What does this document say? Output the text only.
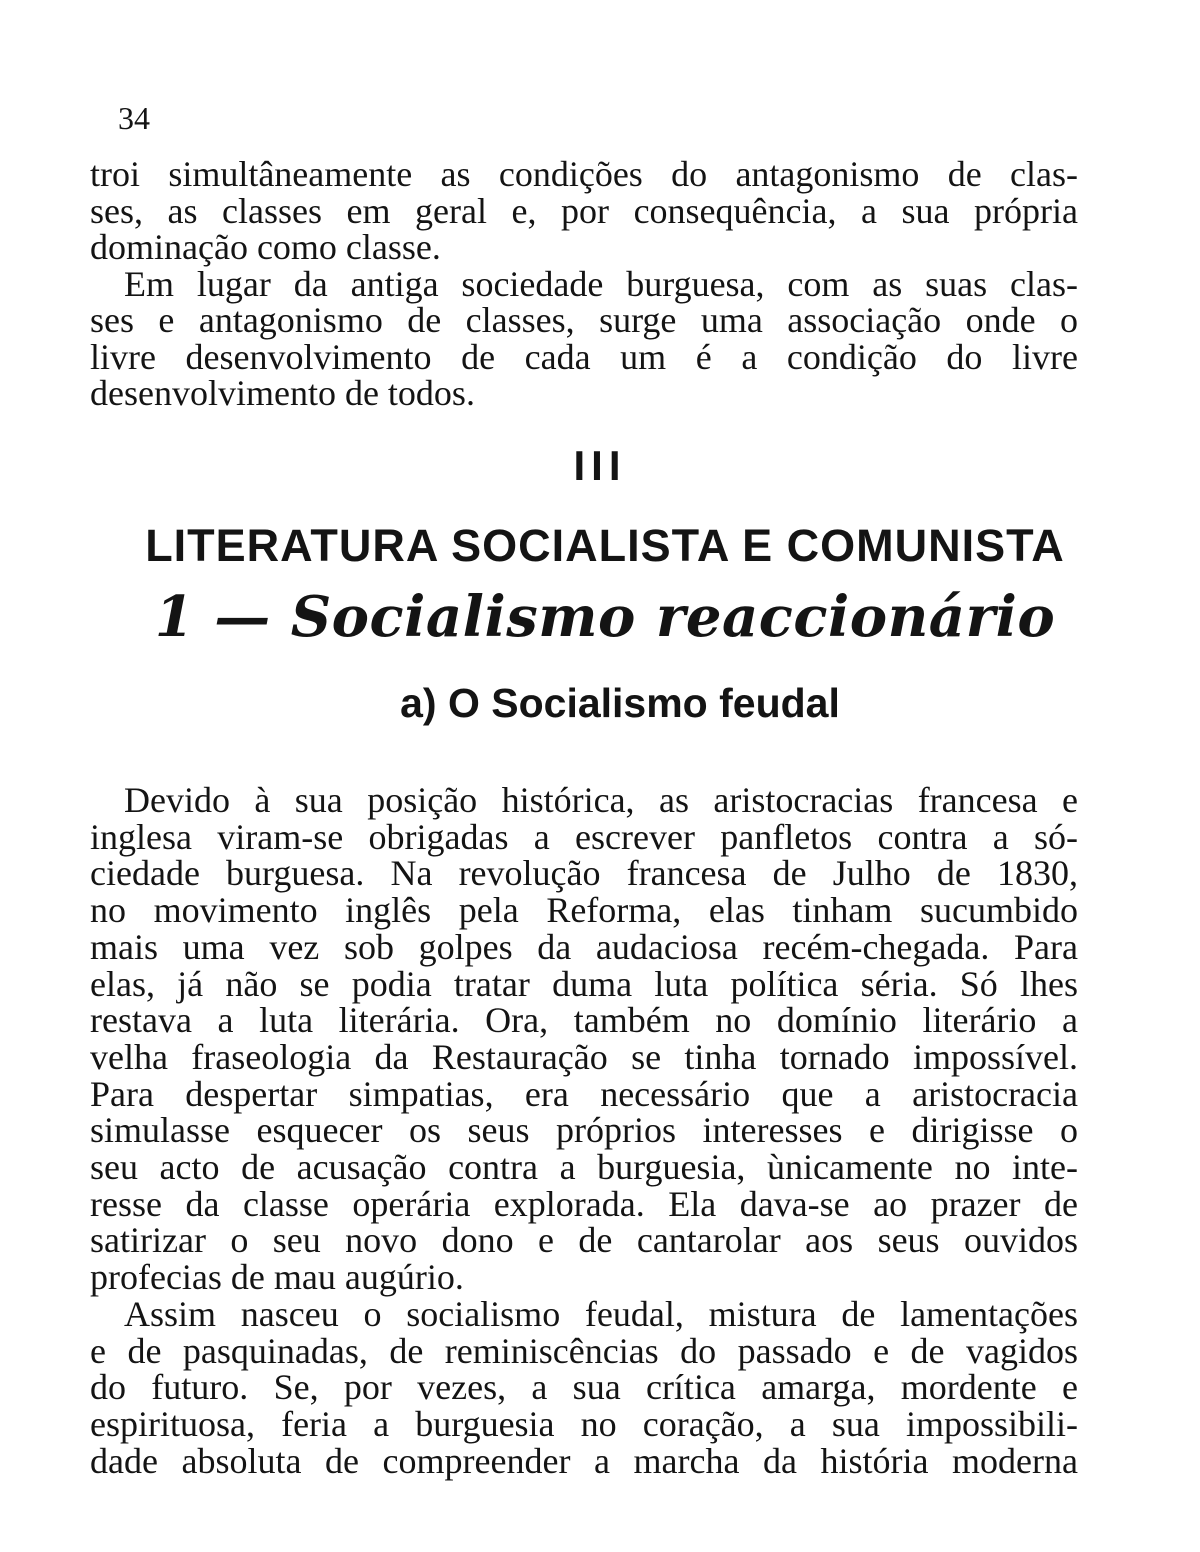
34

troi simultâneamente as condições do antagonismo de clas-
ses, as classes em geral e, por consequência, a sua própria
dominação como classe.

Em lugar da antiga sociedade burguesa, com as suas clas-
ses e antagonismo de classes, surge uma associação onde o
livre desenvolvimento de cada um é a condição do livre
desenvolvimento de todos.

III
LITERATURA SOCIALISTA E COMUNISTA
1 — Socialismo reaccionário
a) O Socialismo feudal

Devido à sua posição histórica, as aristocracias francesa e
inglesa viram-se obrigadas a escrever panfletos contra a só-
ciedade burguesa. Na revolução francesa de Julho de 1830,
no movimento inglês pela Reforma, elas tinham sucumbido
mais uma vez sob golpes da audaciosa recém-chegada. Para
elas, já não se podia tratar duma luta política séria. Só lhes
restava a luta literária. Ora, também no domínio literário a
velha fraseologia da Restauração se tinha tornado impossível.
Para despertar simpatias, era necessário que a aristocracia
simulasse esquecer os seus próprios interesses e dirigisse o
seu acto de acusação contra a burguesia, ùnicamente no inte-
resse da classe operária explorada. Ela dava-se ao prazer de
satirizar o seu novo dono e de cantarolar aos seus ouvidos
profecias de mau augúrio.

Assim nasceu o socialismo feudal, mistura de lamentações
e de pasquinadas, de reminiscências do passado e de vagidos
do futuro. Se, por vezes, a sua crítica amarga, mordente e
espirituosa, feria a burguesia no coração, a sua impossibili-
dade absoluta de compreender a marcha da história moderna
